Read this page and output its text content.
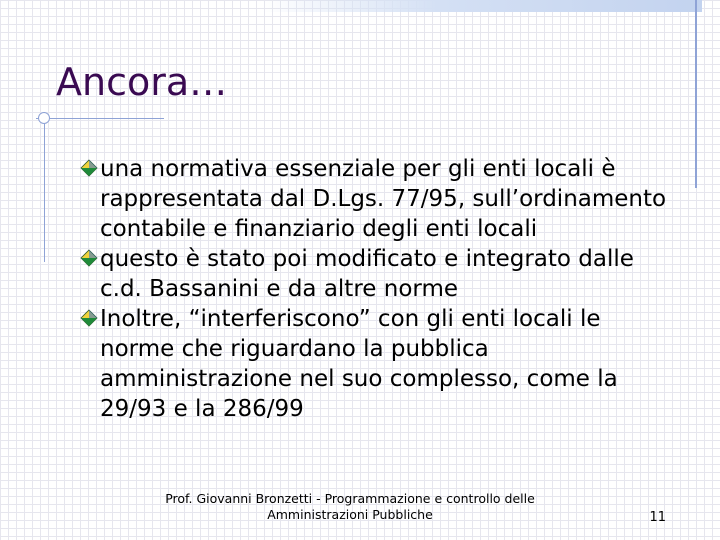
Ancora…
una normativa essenziale per gli enti locali è rappresentata dal D.Lgs. 77/95, sull’ordinamento contabile e finanziario degli enti locali
questo è stato poi modificato e integrato dalle c.d. Bassanini e da altre norme
Inoltre, “interferiscono” con gli enti locali le norme che riguardano la pubblica amministrazione nel suo complesso, come la 29/93 e la 286/99
Prof. Giovanni Bronzetti - Programmazione e controllo delle
Amministrazioni Pubbliche	11
